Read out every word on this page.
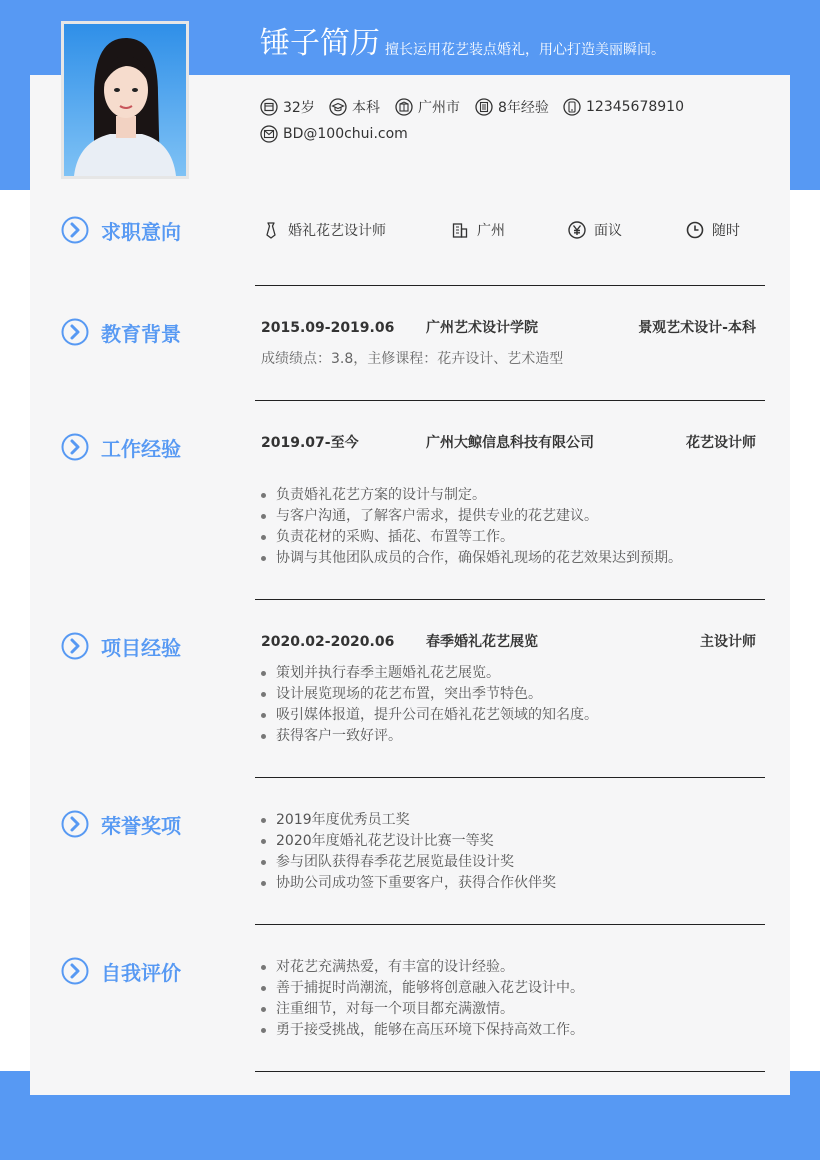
锤子简历 擅长运用花艺装点婚礼，用心打造美丽瞬间。
32岁	本科	广州市	8年经验	12345678910
BD@100chui.com
求职意向	婚礼花艺设计师	广州	面议	随时
教育背景	2015.09-2019.06 广州艺术设计学院	景观艺术设计-本科
成绩绩点：3.8，主修课程：花卉设计、艺术造型
工作经验	2019.07-至今	广州大鲸信息科技有限公司	花艺设计师
负责婚礼花艺方案的设计与制定。
与客户沟通，了解客户需求，提供专业的花艺建议。
负责花材的采购、插花、布置等工作。
协调与其他团队成员的合作，确保婚礼现场的花艺效果达到预期。
项目经验	2020.02-2020.06 春季婚礼花艺展览	主设计师
策划并执行春季主题婚礼花艺展览。
设计展览现场的花艺布置，突出季节特色。
吸引媒体报道，提升公司在婚礼花艺领域的知名度。
获得客户一致好评。
荣誉奖项	2019年度优秀员工奖
2020年度婚礼花艺设计比赛一等奖
参与团队获得春季花艺展览最佳设计奖
协助公司成功签下重要客户，获得合作伙伴奖
自我评价	对花艺充满热爱，有丰富的设计经验。
善于捕捉时尚潮流，能够将创意融入花艺设计中。
注重细节，对每一个项目都充满激情。
勇于接受挑战，能够在高压环境下保持高效工作。
